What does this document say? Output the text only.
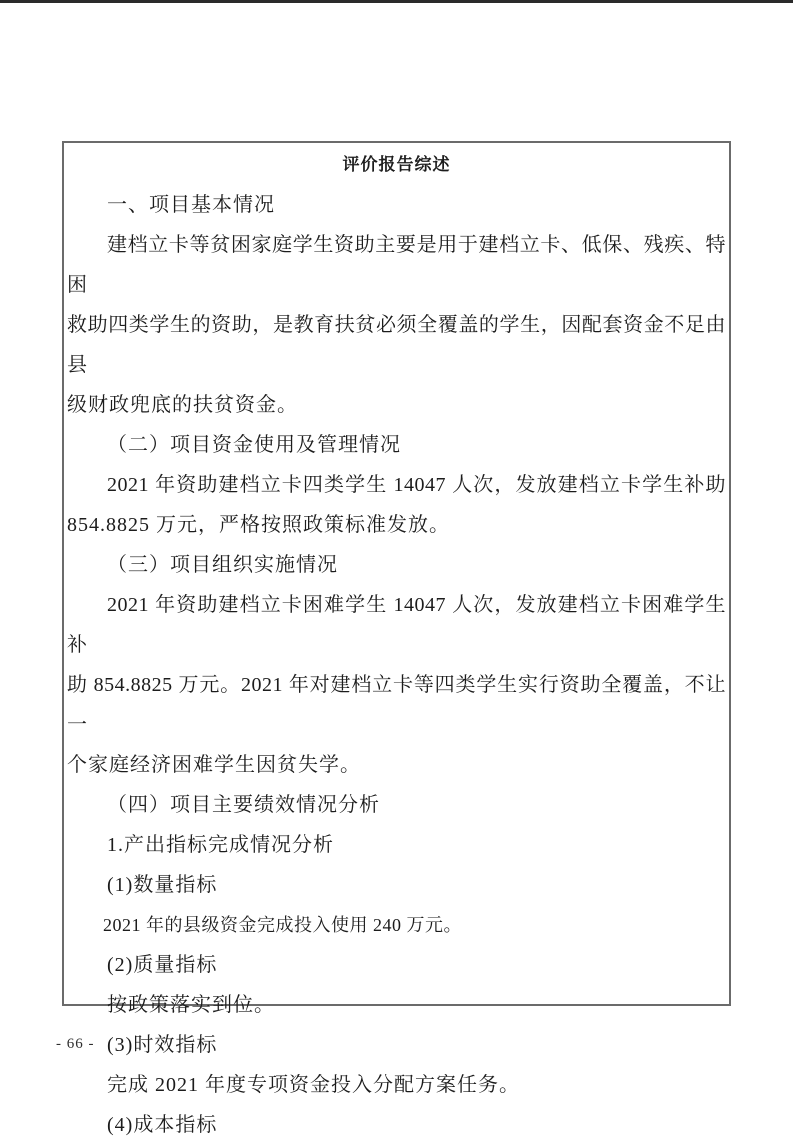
评价报告综述
一、项目基本情况
建档立卡等贫困家庭学生资助主要是用于建档立卡、低保、残疾、特困
救助四类学生的资助，是教育扶贫必须全覆盖的学生，因配套资金不足由县
级财政兜底的扶贫资金。
（二）项目资金使用及管理情况
2021 年资助建档立卡四类学生 14047 人次，发放建档立卡学生补助
854.8825 万元，严格按照政策标准发放。
（三）项目组织实施情况
2021 年资助建档立卡困难学生 14047 人次，发放建档立卡困难学生补
助 854.8825 万元。2021 年对建档立卡等四类学生实行资助全覆盖，不让一
个家庭经济困难学生因贫失学。
（四）项目主要绩效情况分析
1.产出指标完成情况分析
(1)数量指标
2021 年的县级资金完成投入使用 240 万元。
(2)质量指标
按政策落实到位。
(3)时效指标
完成 2021 年度专项资金投入分配方案任务。
(4)成本指标
- 66 -
